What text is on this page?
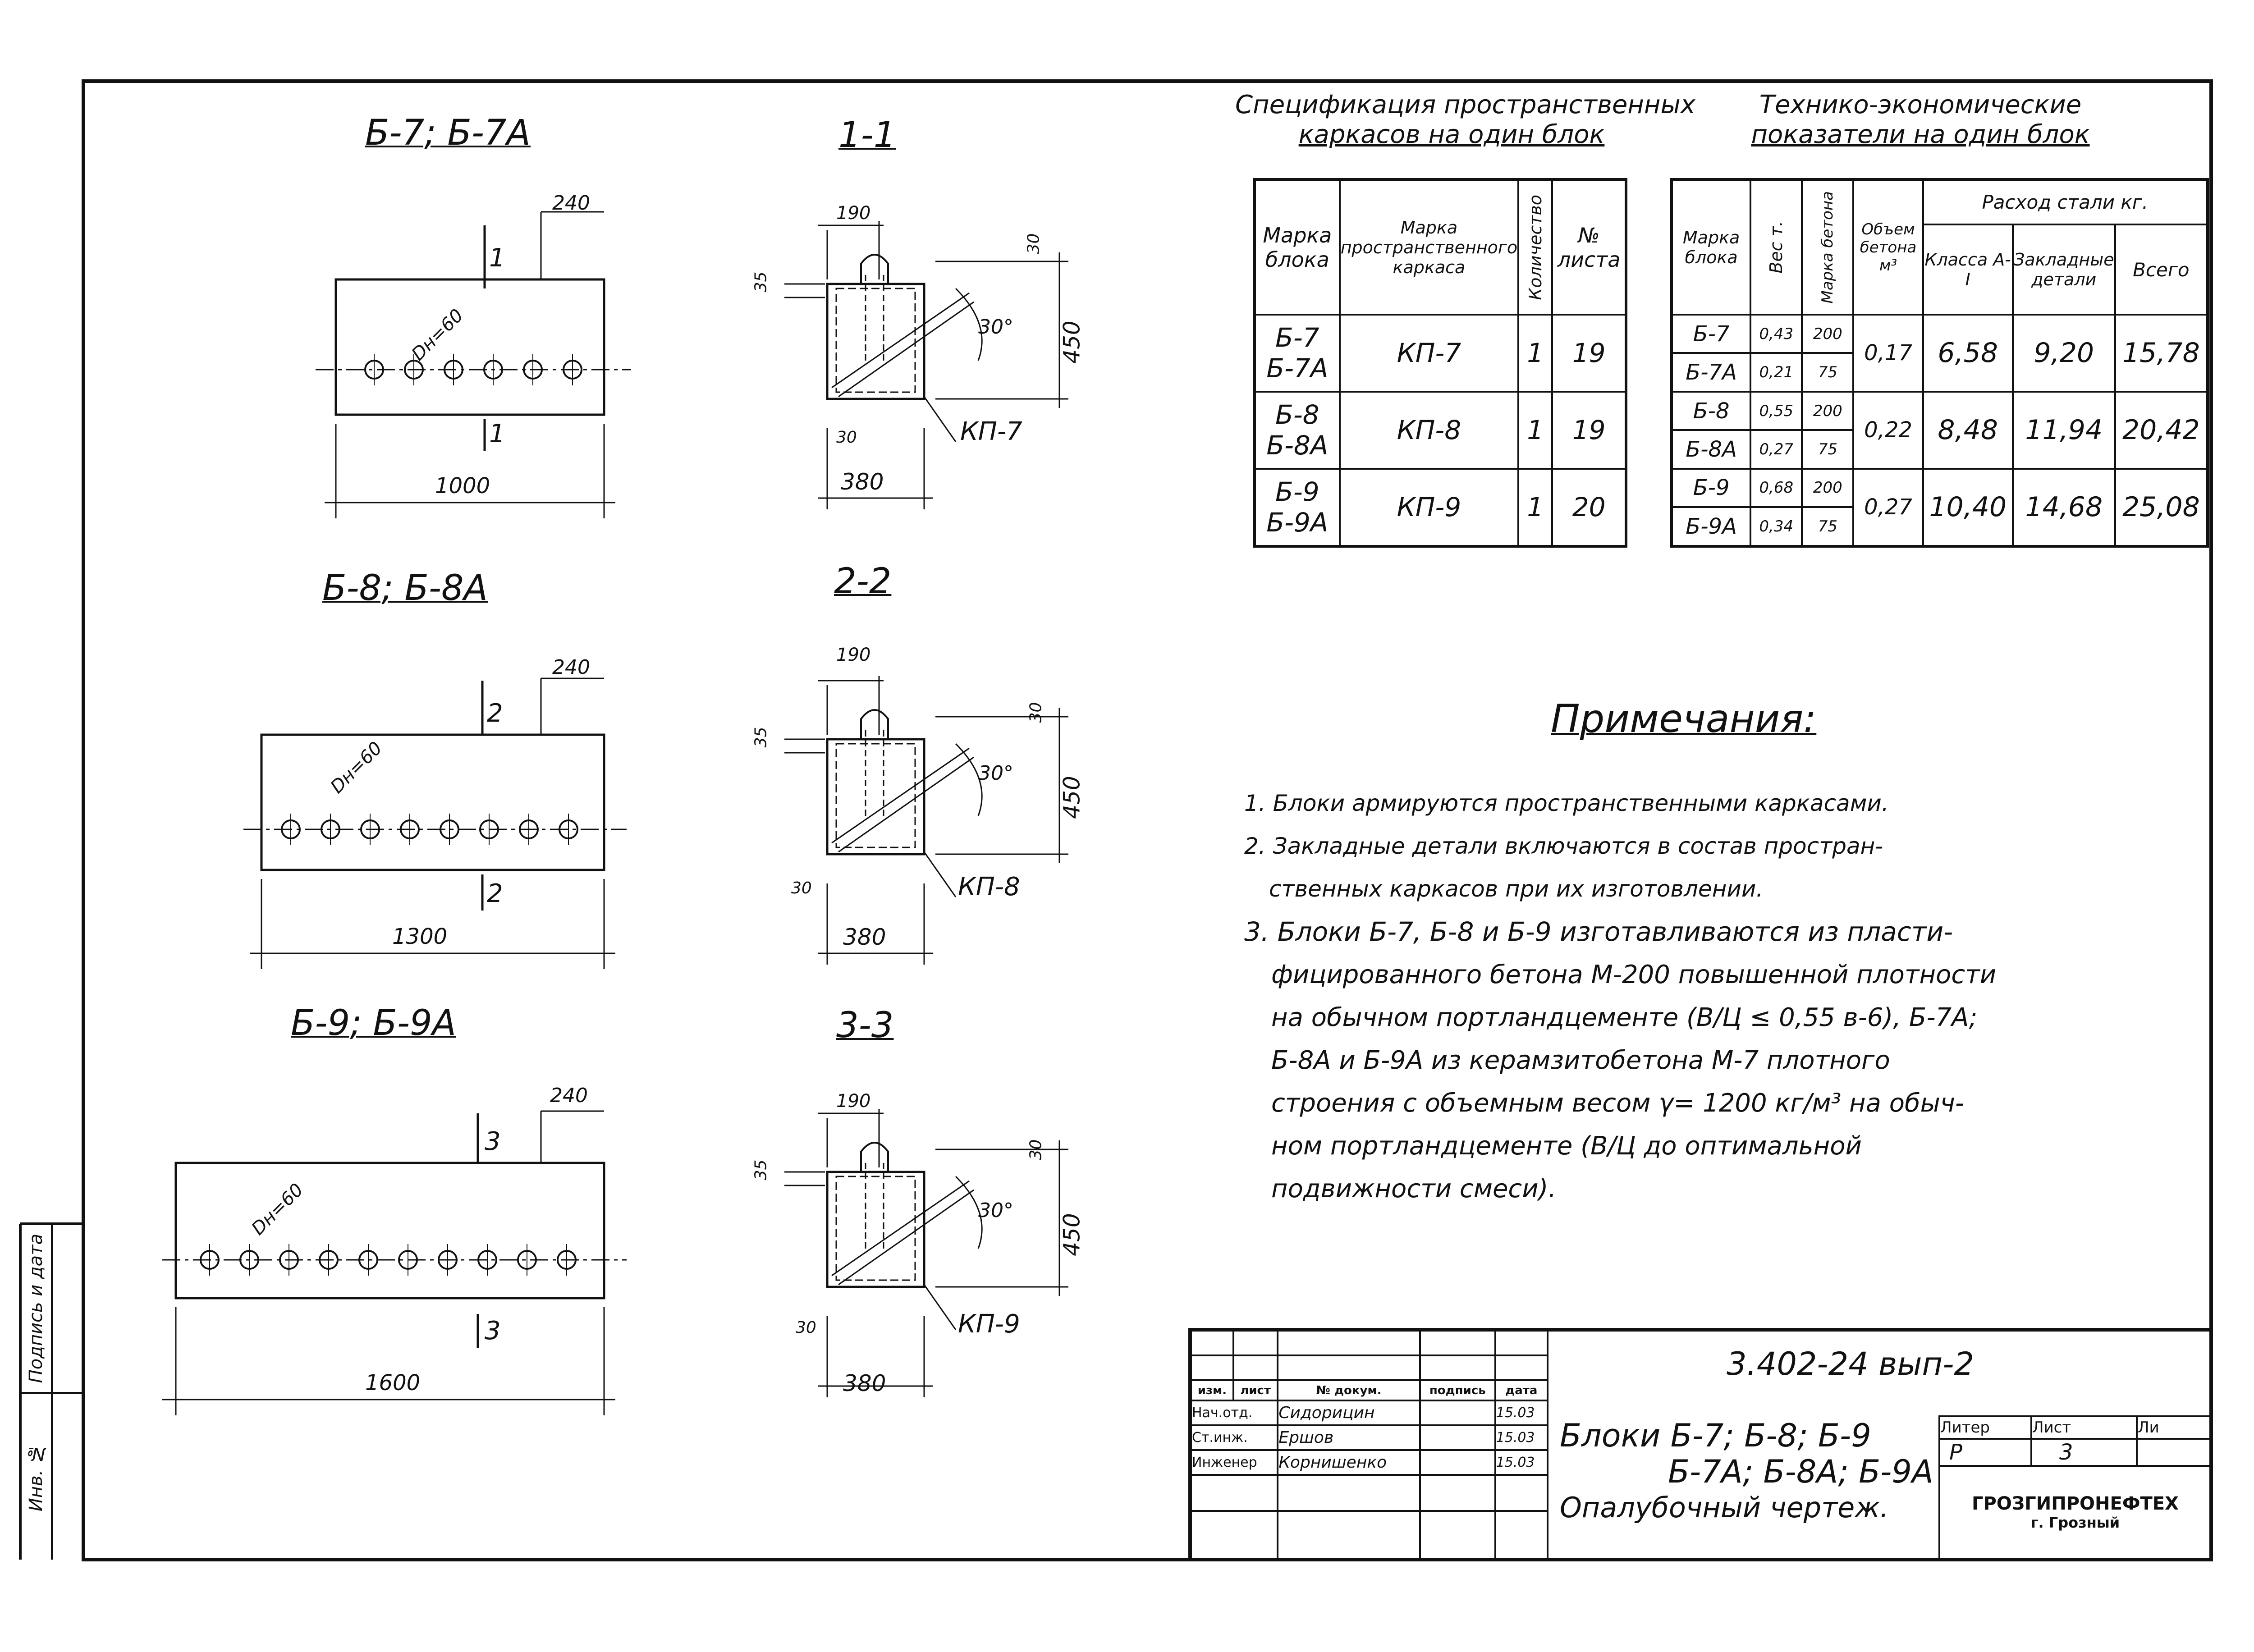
Б-7; Б-7А
Б-8; Б-8А
Б-9; Б-9А
1000
1300
1600
240
240
240
Dн=60
Dн=60
Dн=60
1
1
2
2
3
3
1-1
2-2
3-3
КП-7
КП-8
КП-9
380
380
380
190
190
190
450
450
450
30°
30°
30°
35
35
35
30
30
30
30
30
30
Спецификация пространственных
каркасов на один блок
Марка блока	Марка пространственного каркаса	Количество	№ листа

Б-7
Б-7А	КП-7	1	19

Б-8
Б-8А	КП-8	1	19

Б-9
Б-9А	КП-9	1	20
Технико-экономические
показатели на один блок
Марка блока	Вес т.	Марка бетона	Объем бетона м³	Расход стали кг.		
				Класса А-I	Закладные детали	Всего
Б-7	0,43	200	0,17	6,58	9,20	15,78
Б-7А	0,21	75				
Б-8	0,55	200	0,22	8,48	11,94	20,42
Б-8А	0,27	75				
Б-9	0,68	200	0,27	10,40	14,68	25,08
Б-9А	0,34	75				
Примечания:
1. Блоки армируются пространственными каркасами.
2. Закладные детали включаются в состав простран-
ственных каркасов при их изготовлении.
3. Блоки Б-7, Б-8 и Б-9 изготавливаются из пласти-
фицированного бетона М-200 повышенной плотности
на обычном портландцементе (В/Ц ≤ 0,55 в-6), Б-7А;
Б-8А и Б-9А из керамзитобетона М-7 плотного
строения с объемным весом γ= 1200 кг/м³ на обыч-
ном портландцементе (В/Ц до оптимальной
подвижности смеси).
3.402-24 вып-2

изм.	лист	№ докум.	подпись	дата
Нач.отд.		Сидорицин		15.03
Ст.инж.		Ершов		15.03
Инженер		Корнишенко		15.03

Блоки Б-7; Б-8; Б-9
Б-7А; Б-8А; Б-9А
Опалубочный чертеж.
Литер	Лист	Ли
Р	3	

ГРОЗГИПРОНЕФТЕХ
г. Грозный		
Инв. №
Подпись и дата
